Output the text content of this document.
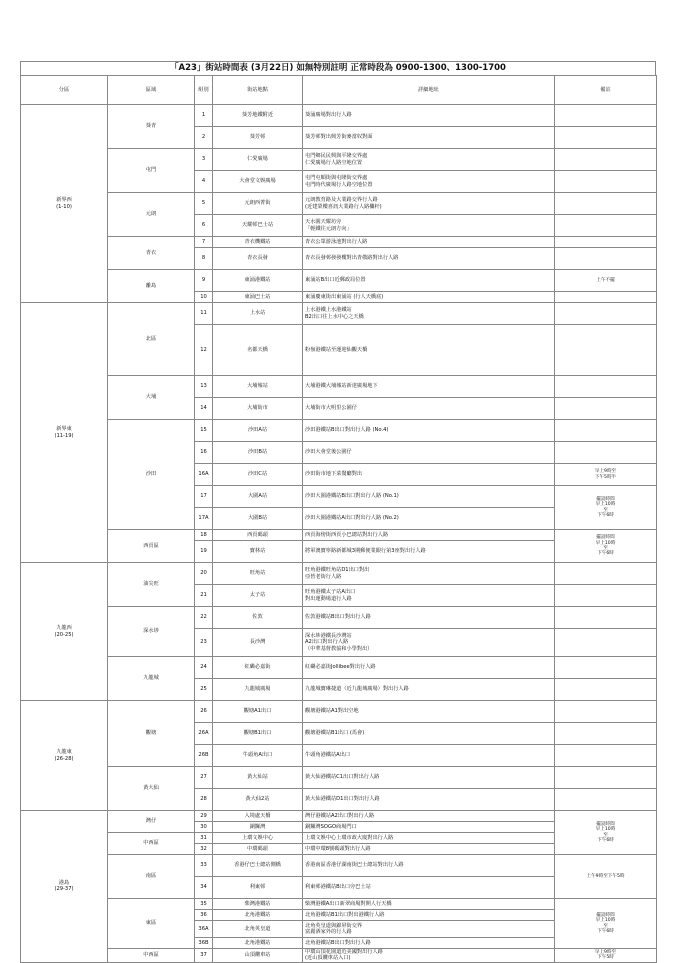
「A23」街站時間表 (3月22日) 如無特別註明 正常時段為 0900-1300、1300-1700
分區	區域	組別	街站地點	詳細地址	備註

新界西
(1-10)	葵青	1	葵芳地鐵附近	葵涌廣場對出行人路	

		2	葵芳邨	葵芳邨對出興芳街麥當奴對面	

	屯門	3	仁愛廣場	屯門鄉民民興與平隆交界處
仁愛廣場行人路空地位置	

		4	大會堂文娛廣場	屯門屯順街與屯隆街交界處
屯門時代廣場行人路空地位置	

	元朗	5	元朗西菁街	元朗教育路及大業路交界行人路
(近建榮樓喜訊大業路行人路欄杆)	

		6	天耀邨巴士站	天水圍天耀坊旁
「輕鐵往元朗方向」	

	青衣	7	青衣機鐵站	青衣公眾游泳池對出行人路	

		8	青衣長發	青衣長發邨發發樓對出青敬路對出行人路	

	離島	9	東涌港鐵站	東涌站B出口近郵政局位置	上午不擺

		10	東涌巴士站	東涌慶東街出東涌站 (行人天橋底)	

新界東
(11-19)	北區	11	上水站	上水港鐵上水港鐵站
B2出口往上水中心之天橋	

		12	名都天橋	粉嶺港鐵站至運迎仙觀天橋	

	大埔	13	大埔墟站	大埔港鐵大埔墟站新達廣場地下	

		14	大埔街市	大埔街市大明里公園仔	

	沙田	15	沙田A站	沙田港鐵站B出口對出行人路 (No.4)	

		16	沙田B站	沙田大會堂後公園仔	

		16A	沙田C站	沙田街市地下菜餐廳對出	早上9時至
下午5時半

		17	大圍A站	沙田大圍港鐵站B出口對出行人路 (No.1)	擺設時間
早上10時
至
下午6時

		17A	大圍B站	沙田大圍港鐵站A出口對出行人路 (No.2)	

	西貢區	18	西貢碼頭	西貢海傍街西貢小巴總站對出行人路	擺設時間
早上10時
至
下午6時

		19	寶林站	將軍澳寶寧路新都城3期郵便業銀行第3座對出行人路	

九龍西
(20-25)	油尖旺	20	旺角站	旺角港鐵旺角站D1出口對出
亞皆老街行人路	

		21	太子站	旺角港鐵太子站A出口
對出運動場道行人路	

	深水埗	22	佐敦	佐敦港鐵站B出口對出行人路	

		23	長沙灣	深水埗港鐵長沙灣站
A2出口對出行人路
（中華基督教協和小學對出）	

	九龍城	24	紅磡必嘉街	紅磡必嘉街Jollibee對出行人路	

		25	九龍城廣場	九龍城寶琳捷道（近九龍城廣場）對出行人路	

九龍東
(26-28)	觀塘	26	觀塘A1出口	觀塘港鐵站A1對出空地	

		26A	觀塘B1出口	觀塘港鐵站B1出口 (馬會)	

		26B	牛頭角A出口	牛頭角港鐵站A出口	

	黃大仙	27	黃大仙站	黃大仙港鐵站C1出口對出行人路	

		28	黃大仙2站	黃大仙港鐵站D1出口對出行人路	

港島
(29-37)	灣仔	29	入境處天橋	灣仔港鐵站A2出口對出行人路	擺設時間
早上10時
至
下午6時

		30	銅鑼灣	銅鑼灣SOGO商場門口	

	中西區	31	上環文娛中心	上環文娛中心上環市政大廈對出行人路	

		32	中環碼頭	中環中環8號碼頭對出行人路	

	南區	33	香港仔巴士總站側橋	香港南區香港仔湖南街巴士總站對出行人路	上午9時至下午5時

		34	利東邨	利東邨港鐵站B出口旁巴士站	

	東區	35	柴灣港鐵站	柴灣港鐵A出口新翠商場對開人行天橋	擺設時間
早上10時
至
下午6時

		36	北角港鐵站	北角港鐵站B1出口對出港鐵行人路	

		36A	北角英皇道	北角英皇道與錦屏街交界
富麗酒家外的行人路	

		36B	北角港鐵站	北角港鐵站B出口對出行人路	

	中西區	37	山頂纜車站	中環山頂花園道近美國對出行人路
(近山頂纜車站入口)	早上9時至
下午5時
